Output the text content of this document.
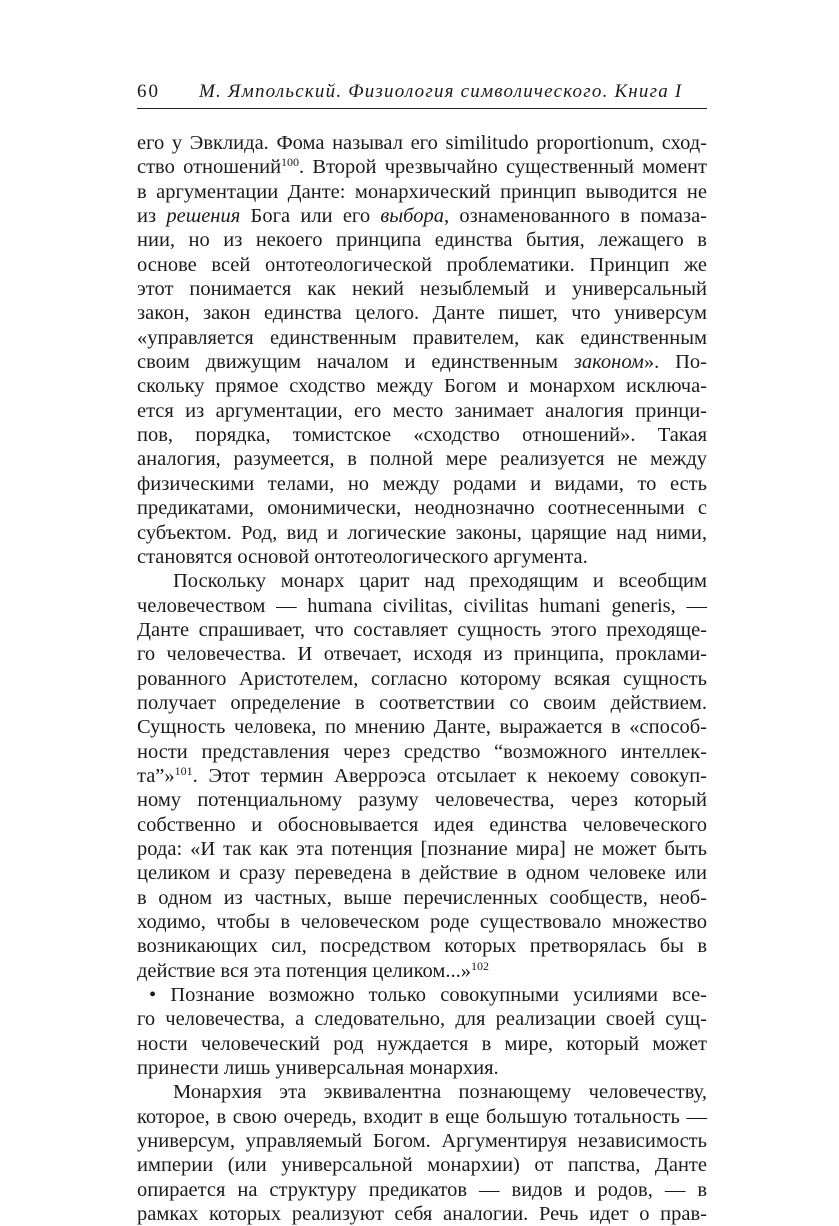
60 М. Ямпольский. Физиология символического. Книга I
его у Эвклида. Фома называл его similitudo proportionum, сход-
ство отношений$^{100}$. Второй чрезвычайно существенный момент
в аргументации Данте: монархический принцип выводится не
из решения Бога или его выбора, ознаменованного в помаза-
нии, но из некоего принципа единства бытия, лежащего в
основе всей онтотеологической проблематики. Принцип же
этот понимается как некий незыблемый и универсальный
закон, закон единства целого. Данте пишет, что универсум
«управляется единственным правителем, как единственным
своим движущим началом и единственным законом». По-
скольку прямое сходство между Богом и монархом исключа-
ется из аргументации, его место занимает аналогия принци-
пов, порядка, томистское «сходство отношений». Такая
аналогия, разумеется, в полной мере реализуется не между
физическими телами, но между родами и видами, то есть
предикатами, омонимически, неоднозначно соотнесенными с
субъектом. Род, вид и логические законы, царящие над ними,
становятся основой онтотеологического аргумента.
Поскольку монарх царит над преходящим и всеобщим
человечеством — humana civilitas, civilitas humani generis, —
Данте спрашивает, что составляет сущность этого преходяще-
го человечества. И отвечает, исходя из принципа, проклами-
рованного Аристотелем, согласно которому всякая сущность
получает определение в соответствии со своим действием.
Сущность человека, по мнению Данте, выражается в «способ-
ности представления через средство “возможного интеллек-
та”»$^{101}$. Этот термин Аверроэса отсылает к некоему совокуп-
ному потенциальному разуму человечества, через который
собственно и обосновывается идея единства человеческого
рода: «И так как эта потенция [познание мира] не может быть
целиком и сразу переведена в действие в одном человеке или
в одном из частных, выше перечисленных сообществ, необ-
ходимо, чтобы в человеческом роде существовало множество
возникающих сил, посредством которых претворялась бы в
действие вся эта потенция целиком...»$^{102}$
• Познание возможно только совокупными усилиями все-
го человечества, а следовательно, для реализации своей сущ-
ности человеческий род нуждается в мире, который может
принести лишь универсальная монархия.
Монархия эта эквивалентна познающему человечеству,
которое, в свою очередь, входит в еще большую тотальность —
универсум, управляемый Богом. Аргументируя независимость
империи (или универсальной монархии) от папства, Данте
опирается на структуру предикатов — видов и родов, — в
рамках которых реализуют себя аналогии. Речь идет о прав-
